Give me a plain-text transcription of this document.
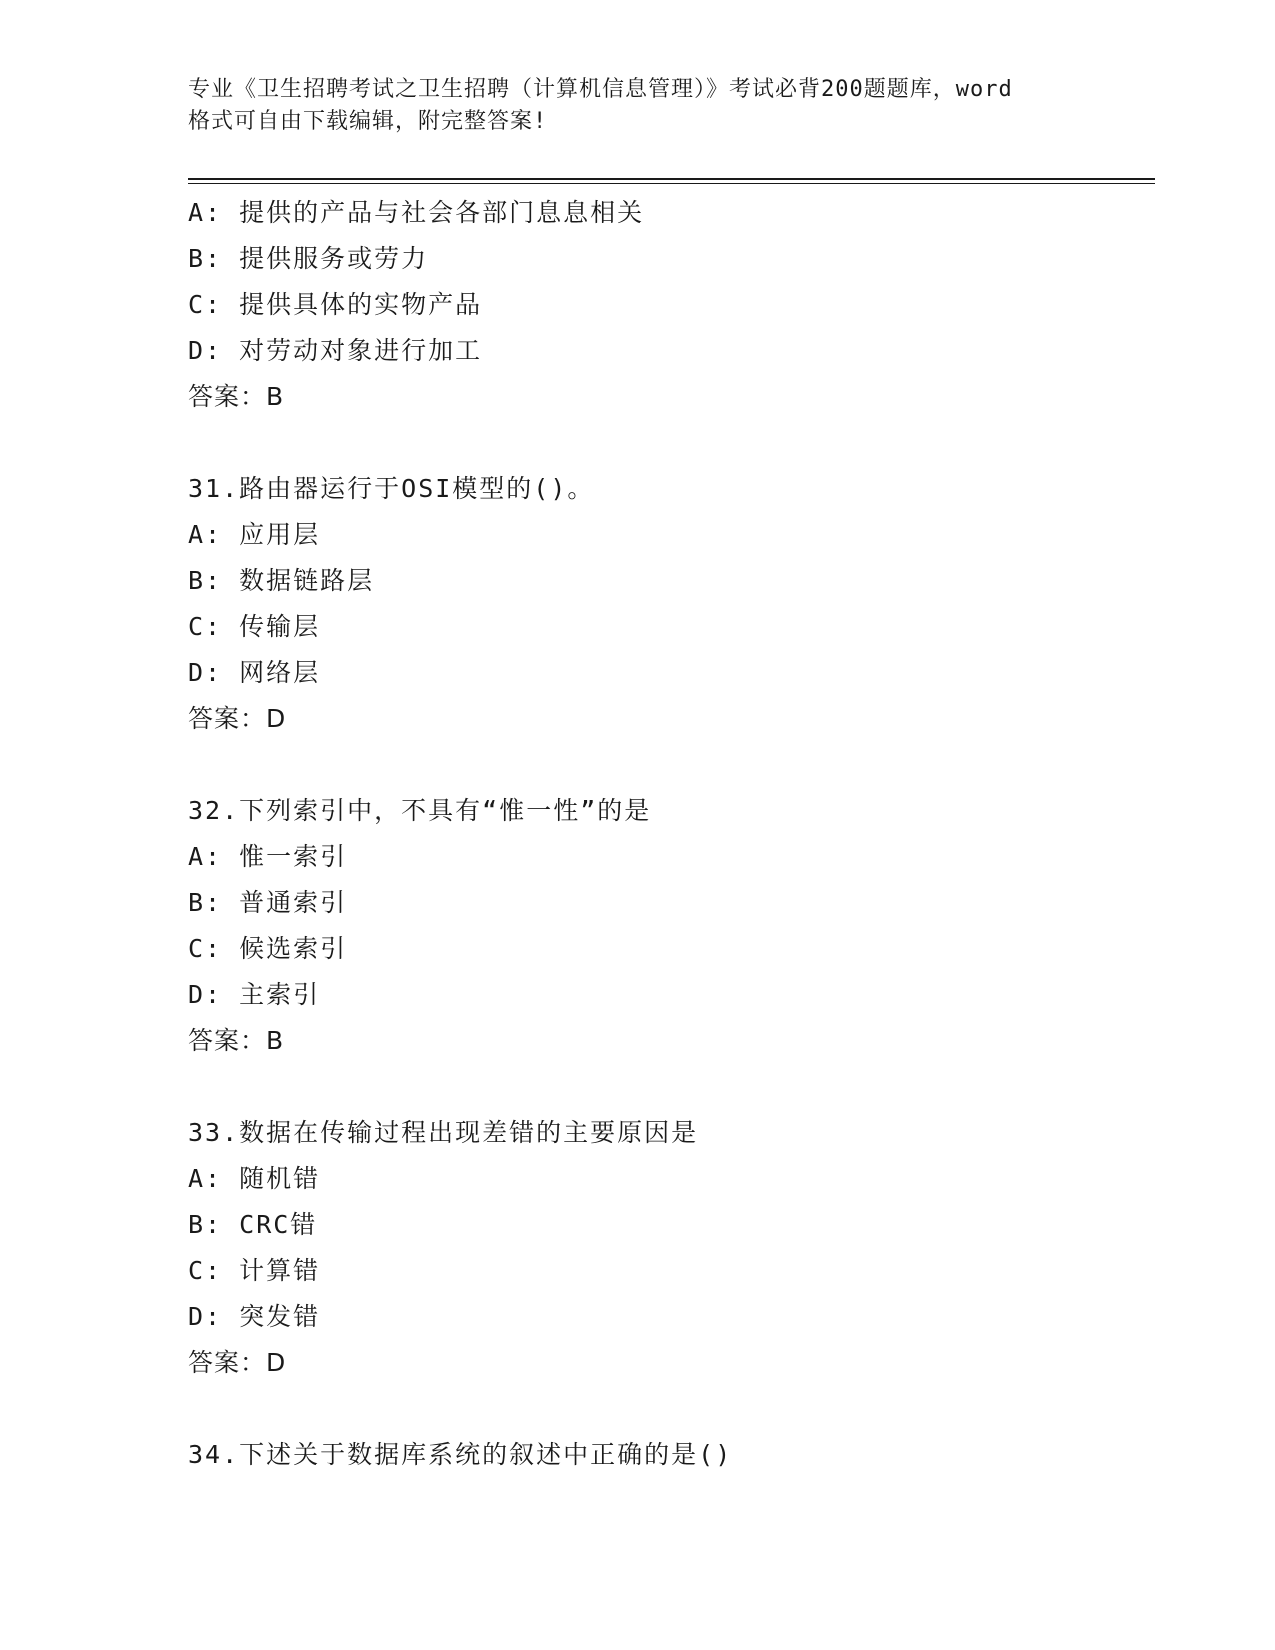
专业《卫生招聘考试之卫生招聘（计算机信息管理）》考试必背200题题库，word
格式可自由下载编辑，附完整答案!
A: 提供的产品与社会各部门息息相关
B: 提供服务或劳力
C: 提供具体的实物产品
D: 对劳动对象进行加工
答案：B
31.路由器运行于OSI模型的()。
A: 应用层
B: 数据链路层
C: 传输层
D: 网络层
答案：D
32.下列索引中，不具有“惟一性”的是
A: 惟一索引
B: 普通索引
C: 候选索引
D: 主索引
答案：B
33.数据在传输过程出现差错的主要原因是
A: 随机错
B: CRC错
C: 计算错
D: 突发错
答案：D
34.下述关于数据库系统的叙述中正确的是()
